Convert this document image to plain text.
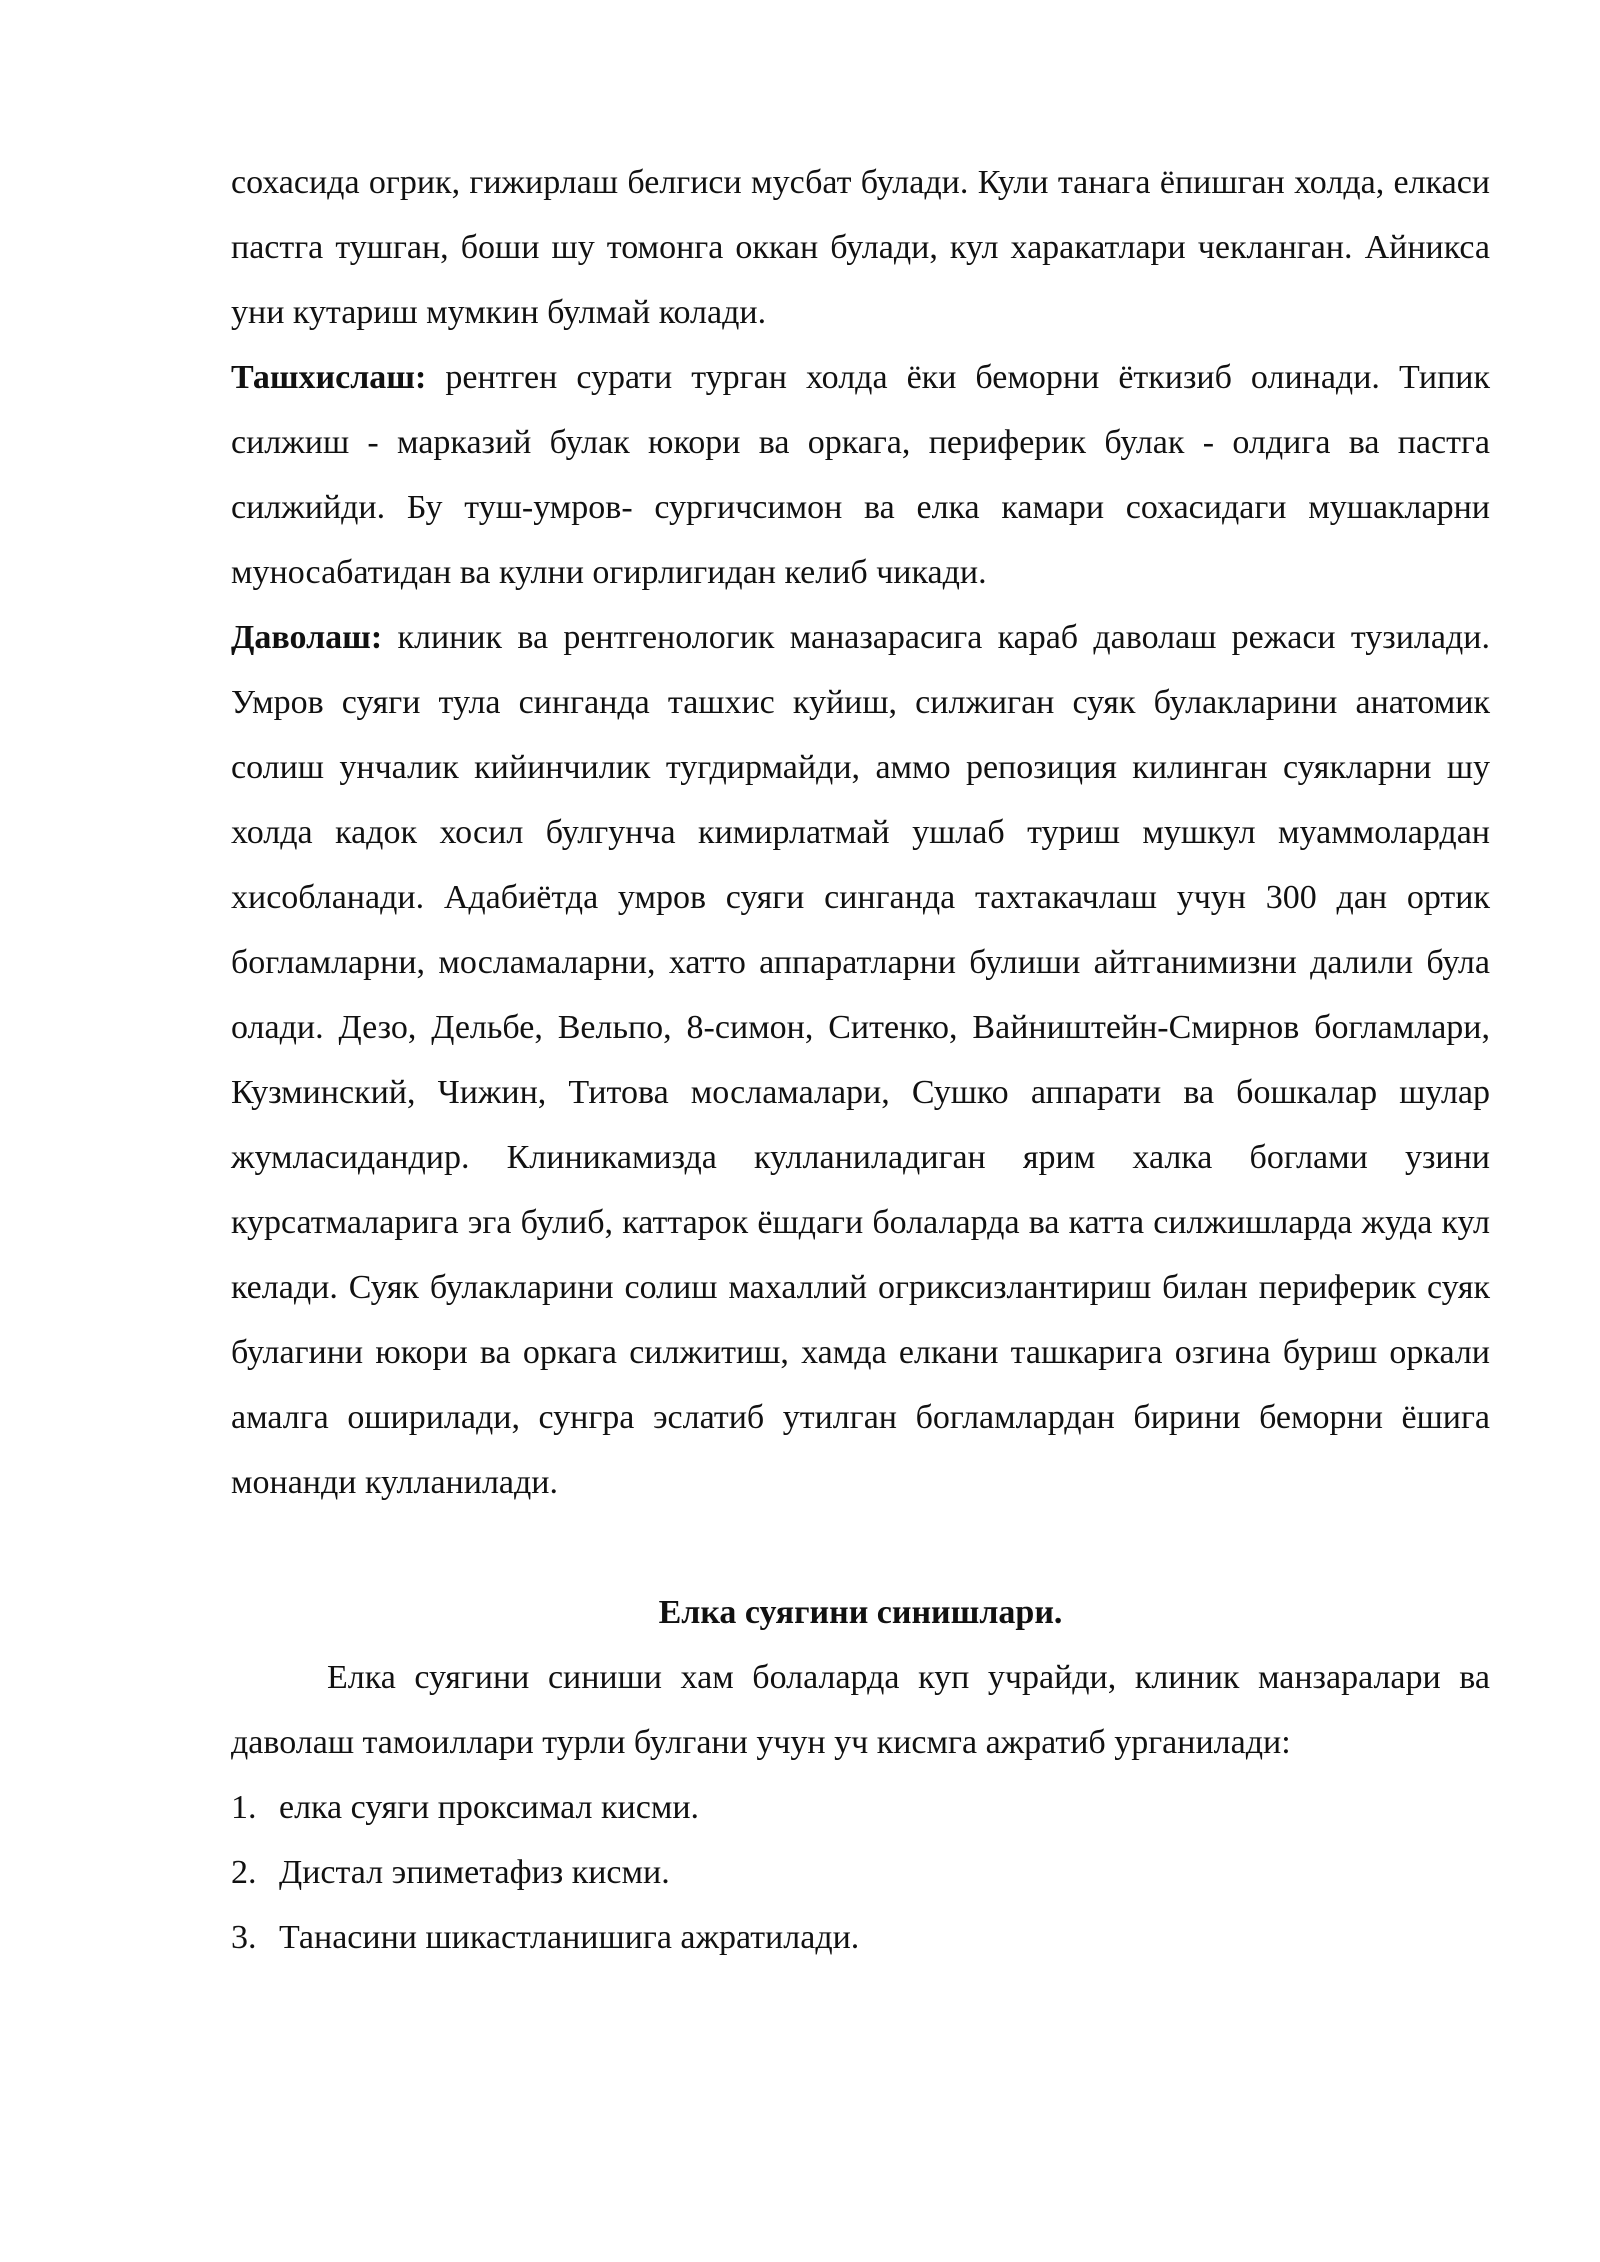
сохасида огрик, гижирлаш белгиси мусбат булади. Кули танага ёпишган холда, елкаси пастга тушган, боши шу томонга оккан булади, кул харакатлари чекланган. Айникса уни кутариш мумкин булмай колади.

Ташхислаш: рентген сурати турган холда ёки беморни ёткизиб олинади. Типик силжиш - марказий булак юкори ва оркага, периферик булак - олдига ва пастга силжийди. Бу туш-умров- сургичсимон ва елка камари сохасидаги мушакларни муносабатидан ва кулни огирлигидан келиб чикади.

Даволаш: клиник ва рентгенологик маназарасига караб даволаш режаси тузилади. Умров суяги тула синганда ташхис куйиш, силжиган суяк булакларини анатомик солиш унчалик кийинчилик тугдирмайди, аммо репозиция килинган суякларни шу холда кадок хосил булгунча кимирлатмай ушлаб туриш мушкул муаммолардан хисобланади. Адабиётда умров суяги синганда тахтакачлаш учун 300 дан ортик богламларни, мосламаларни, хатто аппаратларни булиши айтганимизни далили була олади. Дезо, Дельбе, Вельпо, 8-симон, Ситенко, Вайништейн-Смирнов богламлари, Кузминский, Чижин, Титова мосламалари, Сушко аппарати ва бошкалар шулар жумласидандир. Клиникамизда кулланиладиган ярим халка боглами узини курсатмаларига эга булиб, каттарок ёшдаги болаларда ва катта силжишларда жуда кул келади. Суяк булакларини солиш махаллий огриксизлантириш билан периферик суяк булагини юкори ва оркага силжитиш, хамда елкани ташкарига озгина буриш оркали амалга оширилади, сунгра эслатиб утилган богламлардан бирини беморни ёшига монанди кулланилади.

Елка суягини синишлари.

Елка суягини синиши хам болаларда куп учрайди, клиник манзаралари ва даволаш тамоиллари турли булгани учун уч кисмга ажратиб урганилади:

1. елка суяги проксимал кисми.
2. Дистал эпиметафиз кисми.
3. Танасини шикастланишига ажратилади.
